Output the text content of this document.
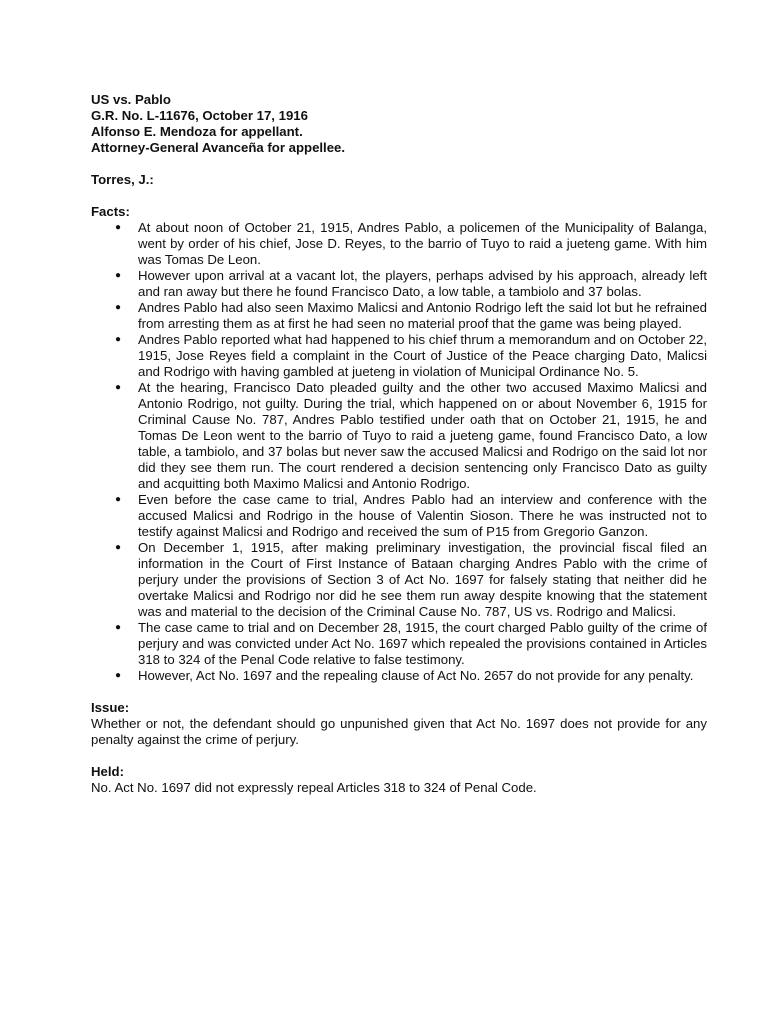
US vs. Pablo
G.R. No. L-11676, October 17, 1916
Alfonso E. Mendoza for appellant.
Attorney-General Avanceña for appellee.
Torres, J.:
Facts:
● At about noon of October 21, 1915, Andres Pablo, a policemen of the Municipality of Balanga, went by order of his chief, Jose D. Reyes, to the barrio of Tuyo to raid a jueteng game. With him was Tomas De Leon.
● However upon arrival at a vacant lot, the players, perhaps advised by his approach, already left and ran away but there he found Francisco Dato, a low table, a tambiolo and 37 bolas.
● Andres Pablo had also seen Maximo Malicsi and Antonio Rodrigo left the said lot but he refrained from arresting them as at first he had seen no material proof that the game was being played.
● Andres Pablo reported what had happened to his chief thrum a memorandum and on October 22, 1915, Jose Reyes field a complaint in the Court of Justice of the Peace charging Dato, Malicsi and Rodrigo with having gambled at jueteng in violation of Municipal Ordinance No. 5.
● At the hearing, Francisco Dato pleaded guilty and the other two accused Maximo Malicsi and Antonio Rodrigo, not guilty. During the trial, which happened on or about November 6, 1915 for Criminal Cause No. 787, Andres Pablo testified under oath that on October 21, 1915, he and Tomas De Leon went to the barrio of Tuyo to raid a jueteng game, found Francisco Dato, a low table, a tambiolo, and 37 bolas but never saw the accused Malicsi and Rodrigo on the said lot nor did they see them run. The court rendered a decision sentencing only Francisco Dato as guilty and acquitting both Maximo Malicsi and Antonio Rodrigo.
● Even before the case came to trial, Andres Pablo had an interview and conference with the accused Malicsi and Rodrigo in the house of Valentin Sioson. There he was instructed not to testify against Malicsi and Rodrigo and received the sum of P15 from Gregorio Ganzon.
● On December 1, 1915, after making preliminary investigation, the provincial fiscal filed an information in the Court of First Instance of Bataan charging Andres Pablo with the crime of perjury under the provisions of Section 3 of Act No. 1697 for falsely stating that neither did he overtake Malicsi and Rodrigo nor did he see them run away despite knowing that the statement was and material to the decision of the Criminal Cause No. 787, US vs. Rodrigo and Malicsi.
● The case came to trial and on December 28, 1915, the court charged Pablo guilty of the crime of perjury and was convicted under Act No. 1697 which repealed the provisions contained in Articles 318 to 324 of the Penal Code relative to false testimony.
● However, Act No. 1697 and the repealing clause of Act No. 2657 do not provide for any penalty.
Issue:

Whether or not, the defendant should go unpunished given that Act No. 1697 does not provide for any penalty against the crime of perjury.

Held:

No. Act No. 1697 did not expressly repeal Articles 318 to 324 of Penal Code.
